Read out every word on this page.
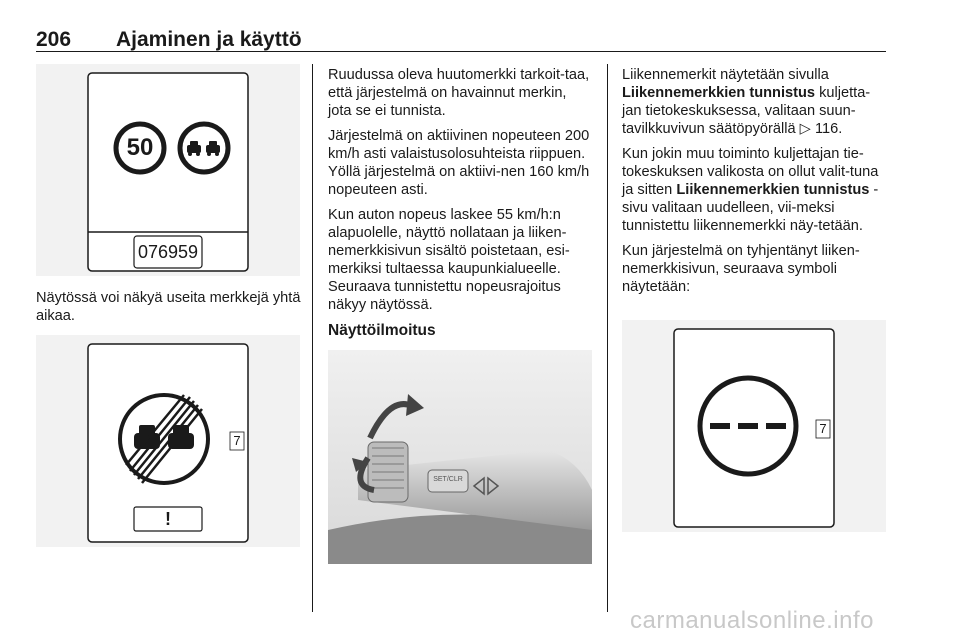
206 Ajaminen ja käyttö
50
076959

Näytössä voi näkyä useita merkkejä yhtä aikaa.

7
!

Ruudussa oleva huutomerkki tarkoit-taa, että järjestelmä on havainnut merkin, jota se ei tunnista.

Järjestelmä on aktiivinen nopeuteen 200 km/h asti valaistusolosuhteista riippuen. Yöllä järjestelmä on aktiivi-nen 160 km/h nopeuteen asti.

Kun auton nopeus laskee 55 km/h:n alapuolelle, näyttö nollataan ja liiken-nemerkkisivun sisältö poistetaan, esi-merkiksi tultaessa kaupunkialueelle. Seuraava tunnistettu nopeusrajoitus näkyy näytössä.

Näyttöilmoitus
SET/CLR

Liikennemerkit näytetään sivulla Liikennemerkkien tunnistus kuljetta-jan tietokeskuksessa, valitaan suun-tavilkkuvivun säätöpyörällä ▷ 116.

Kun jokin muu toiminto kuljettajan tie-tokeskuksen valikosta on ollut valit-tuna ja sitten Liikennemerkkien tunnistus -sivu valitaan uudelleen, vii-meksi tunnistettu liikennemerkki näy-tetään.

Kun järjestelmä on tyhjentänyt liiken-nemerkkisivun, seuraava symboli näytetään:

7
carmanualsonline.info
